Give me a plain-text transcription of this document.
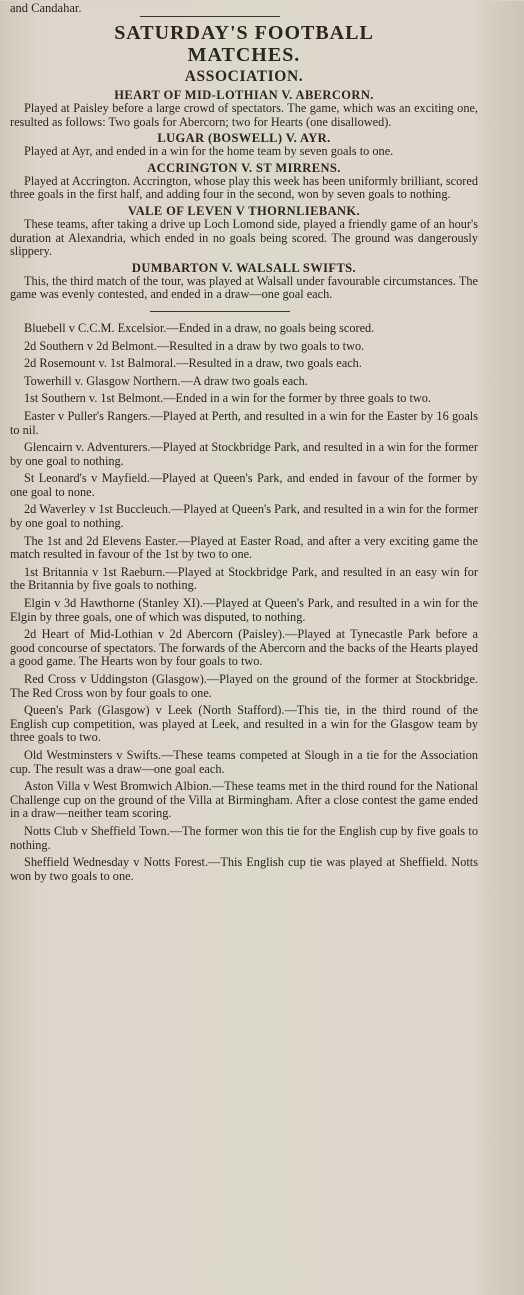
and Candahar.
SATURDAY'S FOOTBALL
MATCHES.
ASSOCIATION.
HEART OF MID-LOTHIAN V. ABERCORN.

Played at Paisley before a large crowd of spectators. The game, which was an exciting one, resulted as follows: Two goals for Abercorn; two for Hearts (one disallowed).

LUGAR (BOSWELL) V. AYR.

Played at Ayr, and ended in a win for the home team by seven goals to one.

ACCRINGTON V. ST MIRRENS.

Played at Accrington. Accrington, whose play this week has been uniformly brilliant, scored three goals in the first half, and adding four in the second, won by seven goals to nothing.

VALE OF LEVEN V THORNLIEBANK.

These teams, after taking a drive up Loch Lomond side, played a friendly game of an hour's duration at Alexandria, which ended in no goals being scored. The ground was dangerously slippery.

DUMBARTON V. WALSALL SWIFTS.

This, the third match of the tour, was played at Walsall under favourable circumstances. The game was evenly contested, and ended in a draw—one goal each.

Bluebell v C.C.M. Excelsior.—Ended in a draw, no goals being scored.

2d Southern v 2d Belmont.—Resulted in a draw by two goals to two.

2d Rosemount v. 1st Balmoral.—Resulted in a draw, two goals each.

Towerhill v. Glasgow Northern.—A draw two goals each.

1st Southern v. 1st Belmont.—Ended in a win for the former by three goals to two.

Easter v Puller's Rangers.—Played at Perth, and resulted in a win for the Easter by 16 goals to nil.

Glencairn v. Adventurers.—Played at Stockbridge Park, and resulted in a win for the former by one goal to nothing.

St Leonard's v Mayfield.—Played at Queen's Park, and ended in favour of the former by one goal to none.

2d Waverley v 1st Buccleuch.—Played at Queen's Park, and resulted in a win for the former by one goal to nothing.

The 1st and 2d Elevens Easter.—Played at Easter Road, and after a very exciting game the match resulted in favour of the 1st by two to one.

1st Britannia v 1st Raeburn.—Played at Stockbridge Park, and resulted in an easy win for the Britannia by five goals to nothing.

Elgin v 3d Hawthorne (Stanley XI).—Played at Queen's Park, and resulted in a win for the Elgin by three goals, one of which was disputed, to nothing.

2d Heart of Mid-Lothian v 2d Abercorn (Paisley).—Played at Tynecastle Park before a good concourse of spectators. The forwards of the Abercorn and the backs of the Hearts played a good game. The Hearts won by four goals to two.

Red Cross v Uddingston (Glasgow).—Played on the ground of the former at Stockbridge. The Red Cross won by four goals to one.

Queen's Park (Glasgow) v Leek (North Stafford).—This tie, in the third round of the English cup competition, was played at Leek, and resulted in a win for the Glasgow team by three goals to two.

Old Westminsters v Swifts.—These teams competed at Slough in a tie for the Association cup. The result was a draw—one goal each.

Aston Villa v West Bromwich Albion.—These teams met in the third round for the National Challenge cup on the ground of the Villa at Birmingham. After a close contest the game ended in a draw—neither team scoring.

Notts Club v Sheffield Town.—The former won this tie for the English cup by five goals to nothing.

Sheffield Wednesday v Notts Forest.—This English cup tie was played at Sheffield. Notts won by two goals to one.
